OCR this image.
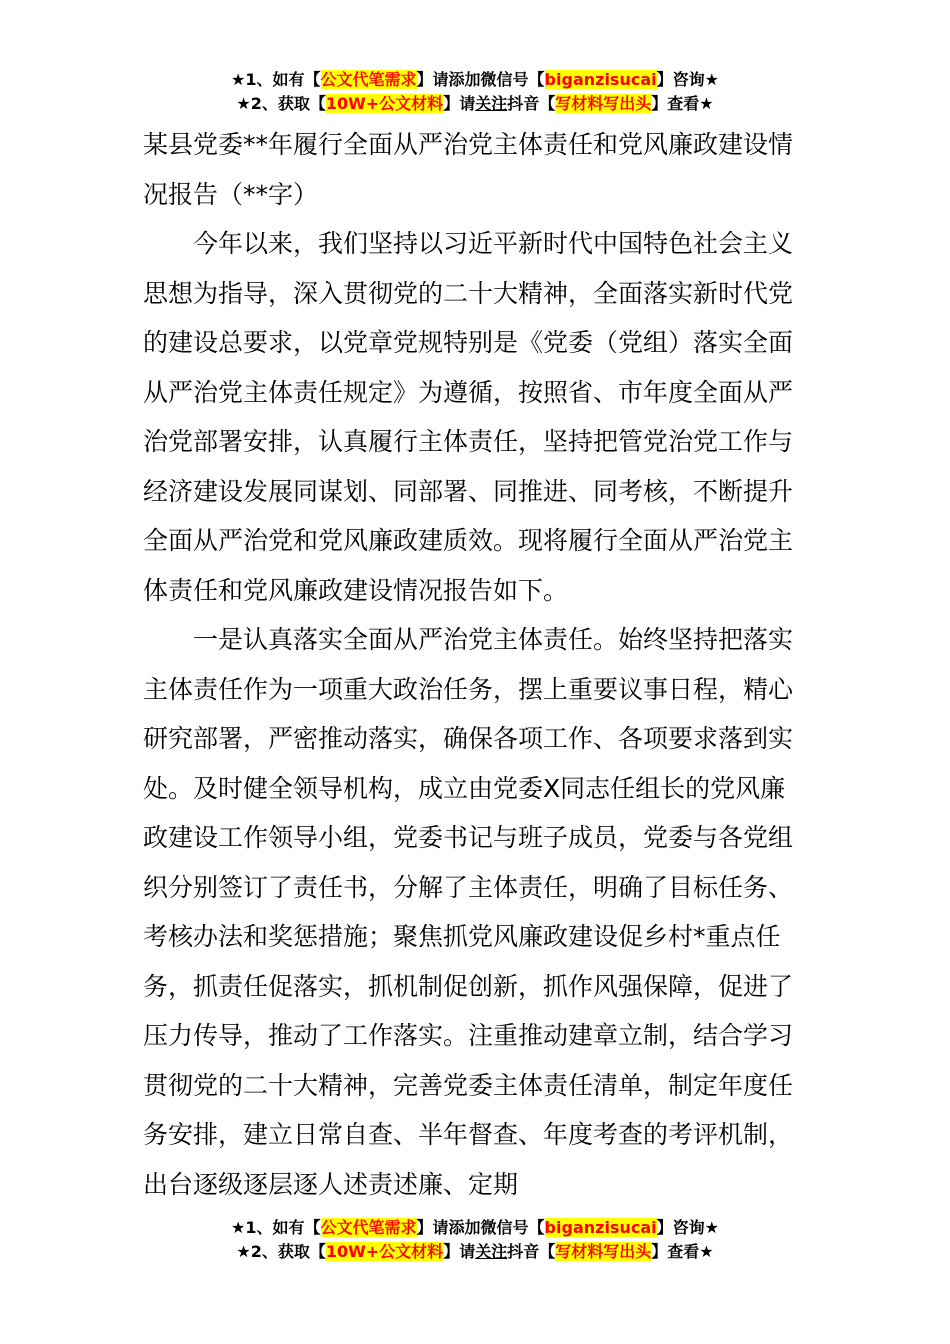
★1、如有【公文代笔需求】请添加微信号【biganzisucai】咨询★
★2、获取【10W+公文材料】请关注抖音【写材料写出头】查看★

某县党委**年履行全面从严治党主体责任和党风廉政建设情况报告（**字）

今年以来，我们坚持以习近平新时代中国特色社会主义思想为指导，深入贯彻党的二十大精神，全面落实新时代党的建设总要求，以党章党规特别是《党委（党组）落实全面从严治党主体责任规定》为遵循，按照省、市年度全面从严治党部署安排，认真履行主体责任，坚持把管党治党工作与经济建设发展同谋划、同部署、同推进、同考核，不断提升全面从严治党和党风廉政建质效。现将履行全面从严治党主体责任和党风廉政建设情况报告如下。

一是认真落实全面从严治党主体责任。始终坚持把落实主体责任作为一项重大政治任务，摆上重要议事日程，精心研究部署，严密推动落实，确保各项工作、各项要求落到实处。及时健全领导机构，成立由党委X同志任组长的党风廉政建设工作领导小组，党委书记与班子成员，党委与各党组织分别签订了责任书，分解了主体责任，明确了目标任务、考核办法和奖惩措施；聚焦抓党风廉政建设促乡村*重点任务，抓责任促落实，抓机制促创新，抓作风强保障，促进了压力传导，推动了工作落实。注重推动建章立制，结合学习贯彻党的二十大精神，完善党委主体责任清单，制定年度任务安排，建立日常自查、半年督查、年度考查的考评机制，出台逐级逐层逐人述责述廉、定期

★1、如有【公文代笔需求】请添加微信号【biganzisucai】咨询★
★2、获取【10W+公文材料】请关注抖音【写材料写出头】查看★
